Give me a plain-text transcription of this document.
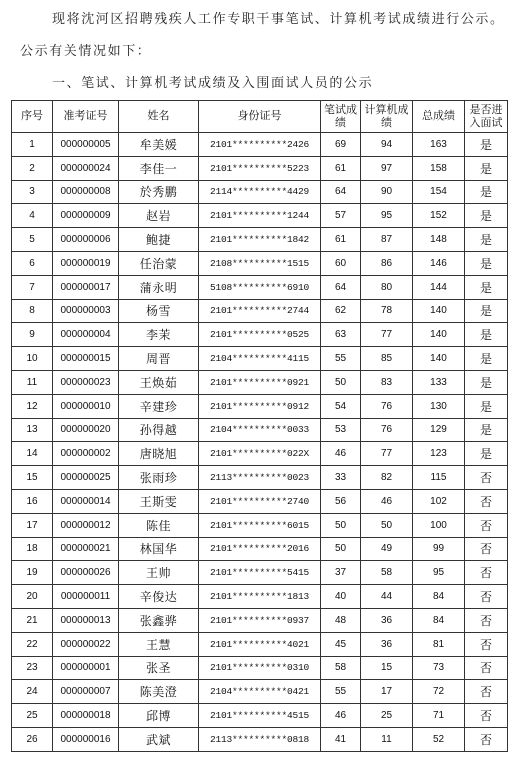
现将沈河区招聘残疾人工作专职干事笔试、计算机考试成绩进行公示。
公示有关情况如下：
一、笔试、计算机考试成绩及入围面试人员的公示
序号	准考证号	姓名	身份证号	笔试成绩	计算机成绩	总成绩	是否进入面试
1	000000005	牟美媛	2101**********2426	69	94	163	是
2	000000024	李佳一	2101**********5223	61	97	158	是
3	000000008	於秀鹏	2114**********4429	64	90	154	是
4	000000009	赵岩	2101**********1244	57	95	152	是
5	000000006	鲍捷	2101**********1842	61	87	148	是
6	000000019	任治蒙	2108**********1515	60	86	146	是
7	000000017	蒲永明	5108**********6910	64	80	144	是
8	000000003	杨雪	2101**********2744	62	78	140	是
9	000000004	李茉	2101**********0525	63	77	140	是
10	000000015	周晋	2104**********4115	55	85	140	是
11	000000023	王焕茹	2101**********0921	50	83	133	是
12	000000010	辛建珍	2101**********0912	54	76	130	是
13	000000020	孙得越	2104**********0033	53	76	129	是
14	000000002	唐晓旭	2101**********022X	46	77	123	是
15	000000025	张雨珍	2113**********0023	33	82	115	否
16	000000014	王斯雯	2101**********2740	56	46	102	否
17	000000012	陈佳	2101**********6015	50	50	100	否
18	000000021	林国华	2101**********2016	50	49	99	否
19	000000026	王帅	2101**********5415	37	58	95	否
20	000000011	辛俊达	2101**********1813	40	44	84	否
21	000000013	张鑫骅	2101**********0937	48	36	84	否
22	000000022	王慧	2101**********4021	45	36	81	否
23	000000001	张圣	2101**********0310	58	15	73	否
24	000000007	陈美澄	2104**********0421	55	17	72	否
25	000000018	邱博	2101**********4515	46	25	71	否
26	000000016	武斌	2113**********0818	41	11	52	否
